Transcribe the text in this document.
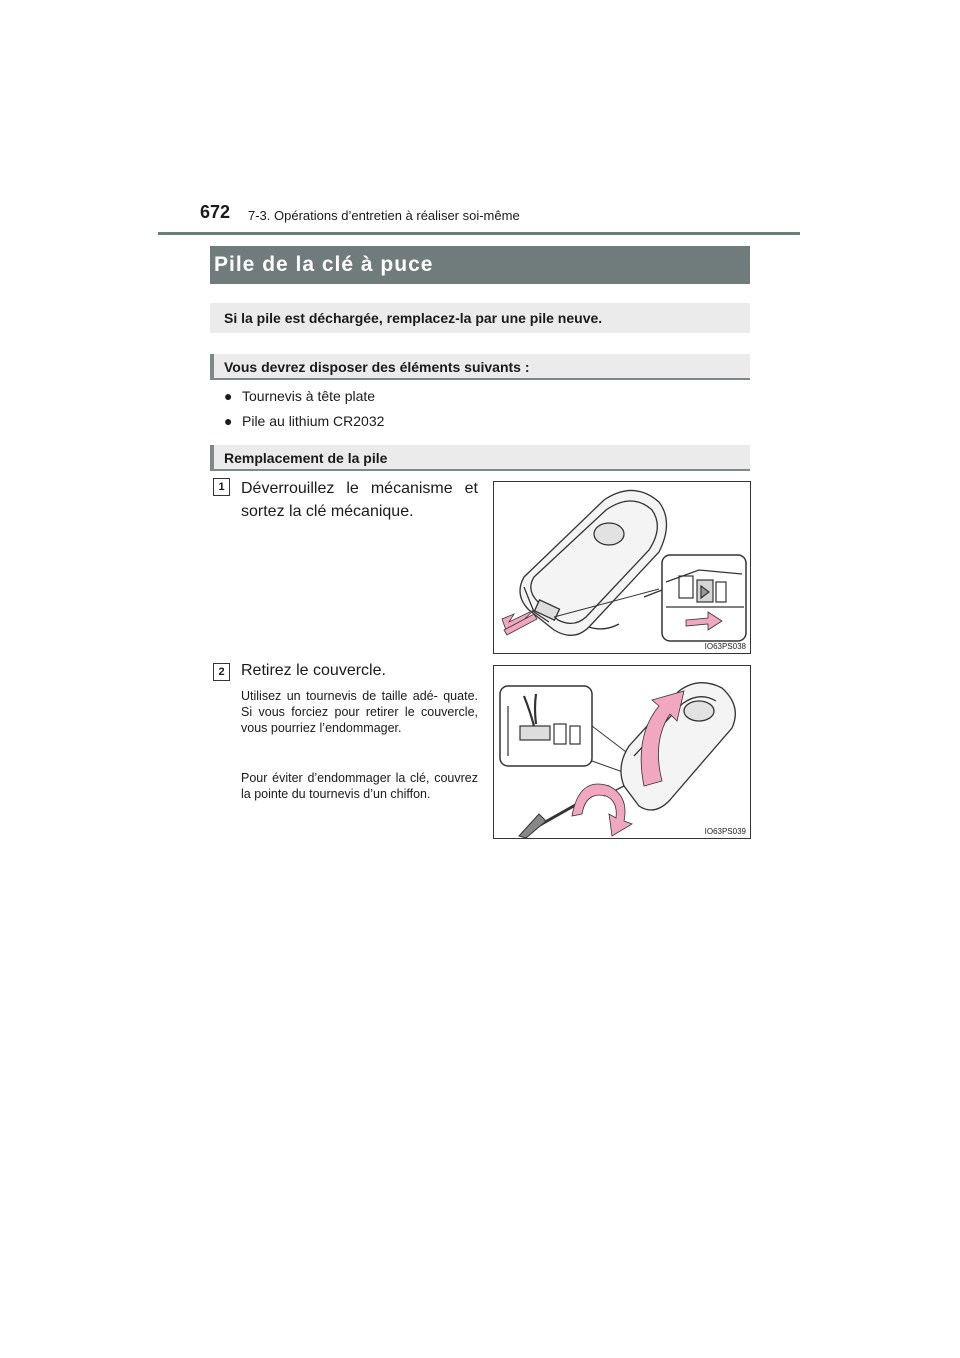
672 7-3. Opérations d’entretien à réaliser soi-même
Pile de la clé à puce
Si la pile est déchargée, remplacez-la par une pile neuve.
Vous devrez disposer des éléments suivants :
● Tournevis à tête plate
● Pile au lithium CR2032
Remplacement de la pile
1	Déverrouillez le mécanisme et
sortez la clé mécanique.
IO63PS038
2	Retirez le couvercle.
Utilisez un tournevis de taille adé- quate. Si vous forciez pour retirer le couvercle, vous pourriez l’endommager.
Pour éviter d’endommager la clé, couvrez la pointe du tournevis d’un chiffon.
IO63PS039
